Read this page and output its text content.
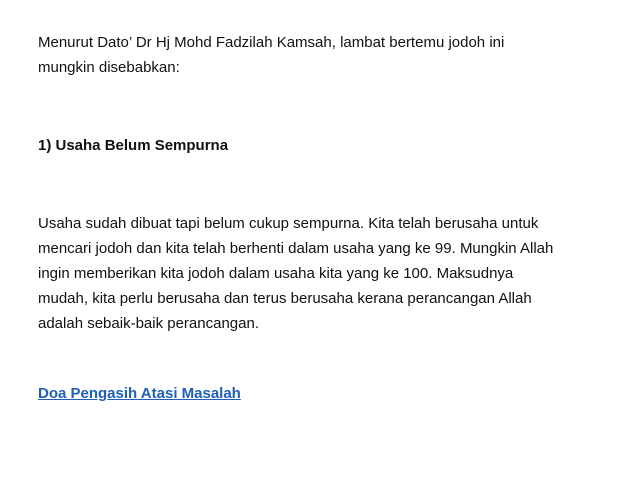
Menurut Dato’ Dr Hj Mohd Fadzilah Kamsah, lambat bertemu jodoh ini
mungkin disebabkan:

1) Usaha Belum Sempurna

Usaha sudah dibuat tapi belum cukup sempurna. Kita telah berusaha untuk
mencari jodoh dan kita telah berhenti dalam usaha yang ke 99. Mungkin Allah
ingin memberikan kita jodoh dalam usaha kita yang ke 100. Maksudnya
mudah, kita perlu berusaha dan terus berusaha kerana perancangan Allah
adalah sebaik-baik perancangan.

Doa Pengasih Atasi Masalah
